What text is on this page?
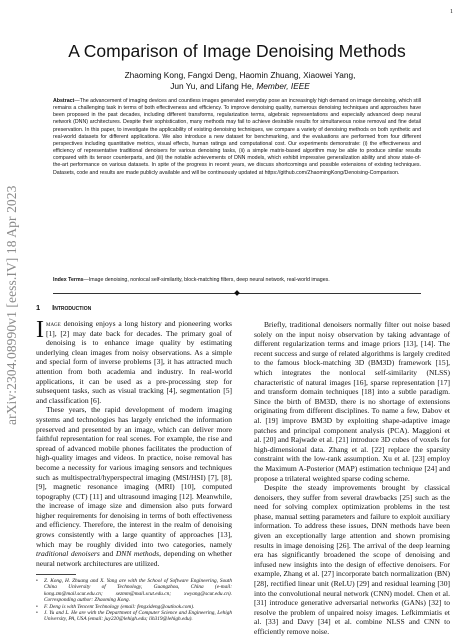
1
arXiv:2304.08990v1 [eess.IV] 18 Apr 2023
A Comparison of Image Denoising Methods
Zhaoming Kong, Fangxi Deng, Haomin Zhuang, Xiaowei Yang,
Jun Yu, and Lifang He, Member, IEEE

Abstract—The advancement of imaging devices and countless images generated everyday pose an increasingly high demand on image denoising, which still remains a challenging task in terms of both effectiveness and efficiency. To improve denoising quality, numerous denoising techniques and approaches have been proposed in the past decades, including different transforms, regularization terms, algebraic representations and especially advanced deep neural network (DNN) architectures. Despite their sophistication, many methods may fail to achieve desirable results for simultaneous noise removal and fine detail preservation. In this paper, to investigate the applicability of existing denoising techniques, we compare a variety of denoising methods on both synthetic and real-world datasets for different applications. We also introduce a new dataset for benchmarking, and the evaluations are performed from four different perspectives including quantitative metrics, visual effects, human ratings and computational cost. Our experiments demonstrate: (i) the effectiveness and efficiency of representative traditional denoisers for various denoising tasks, (ii) a simple matrix-based algorithm may be able to produce similar results compared with its tensor counterparts, and (iii) the notable achievements of DNN models, which exhibit impressive generalization ability and show state-of-the-art performance on various datasets. In spite of the progress in recent years, we discuss shortcomings and possible extensions of existing techniques. Datasets, code and results are made publicly available and will be continuously updated at https://github.com/ZhaomingKong/Denoising-Comparison.

Index Terms—Image denoising, nonlocal self-similarity, block-matching filters, deep neural network, real-world images.

1 Introduction

Image denoising enjoys a long history and pioneering works [1], [2] may date back for decades. The primary goal of denoising is to enhance image quality by estimating underlying clean images from noisy observations. As a simple and special form of inverse problems [3], it has attracted much attention from both academia and industry. In real-world applications, it can be used as a pre-processing step for subsequent tasks, such as visual tracking [4], segmentation [5] and classification [6].

These years, the rapid development of modern imaging systems and technologies has largely enriched the information preserved and presented by an image, which can deliver more faithful representation for real scenes. For example, the rise and spread of advanced mobile phones facilitates the production of high-quality images and videos. In practice, noise removal has become a necessity for various imaging sensors and techniques such as multispectral/hyperspectral imaging (MSI/HSI) [7], [8], [9], magnetic resonance imaging (MRI) [10], computed topography (CT) [11] and ultrasound imaging [12]. Meanwhile, the increase of image size and dimension also puts forward higher requirements for denoising in terms of both effectiveness and efficiency. Therefore, the interest in the realm of denoising grows consistently with a large quantity of approaches [13], which may be roughly divided into two categories, namely traditional denoisers and DNN methods, depending on whether neural network architectures are utilized.

•	Z. Kong, H. Zhuang and X. Yang are with the School of Software Engineering, South China University of Technology, Guangzhou, China (e-mail: kong.zm@mail.scut.edu.cn; sezmm@mail.scut.edu.cn; xwyang@scut.edu.cn). Corresponding author: Zhaoming Kong.
•	F. Deng is with Tencent Technology (email: fengxideng@outlook.com).
•	J. Yu and L. He are with the Department of Computer Science and Engineering, Lehigh University, PA, USA (email: juy220@lehigh.edu; lih319@lehigh.edu).

Briefly, traditional denoisers normally filter out noise based solely on the input noisy observation by taking advantage of different regularization terms and image priors [13], [14]. The recent success and surge of related algorithms is largely credited to the famous block-matching 3D (BM3D) framework [15], which integrates the nonlocal self-similarity (NLSS) characteristic of natural images [16], sparse representation [17] and transform domain techniques [18] into a subtle paradigm. Since the birth of BM3D, there is no shortage of extensions originating from different disciplines. To name a few, Dabov et al. [19] improve BM3D by exploiting shape-adaptive image patches and principal component analysis (PCA). Maggioni et al. [20] and Rajwade et al. [21] introduce 3D cubes of voxels for high-dimensional data. Zhang et al. [22] replace the sparsity constraint with the low-rank assumption. Xu et al. [23] employ the Maximum A-Posterior (MAP) estimation technique [24] and propose a trilateral weighted sparse coding scheme.

Despite the steady improvements brought by classical denoisers, they suffer from several drawbacks [25] such as the need for solving complex optimization problems in the test phase, manual setting parameters and failure to exploit auxiliary information. To address these issues, DNN methods have been given an exceptionally large attention and shown promising results in image denoising [26]. The arrival of the deep learning era has significantly broadened the scope of denoising and infused new insights into the design of effective denoisers. For example, Zhang et al. [27] incorporate batch normalization (BN) [28], rectified linear unit (ReLU) [29] and residual learning [30] into the convolutional neural network (CNN) model. Chen et al. [31] introduce generative adversarial networks (GANs) [32] to resolve the problem of unpaired noisy images. Lefkimmiatis et al. [33] and Davy [34] et al. combine NLSS and CNN to efficiently remove noise.
